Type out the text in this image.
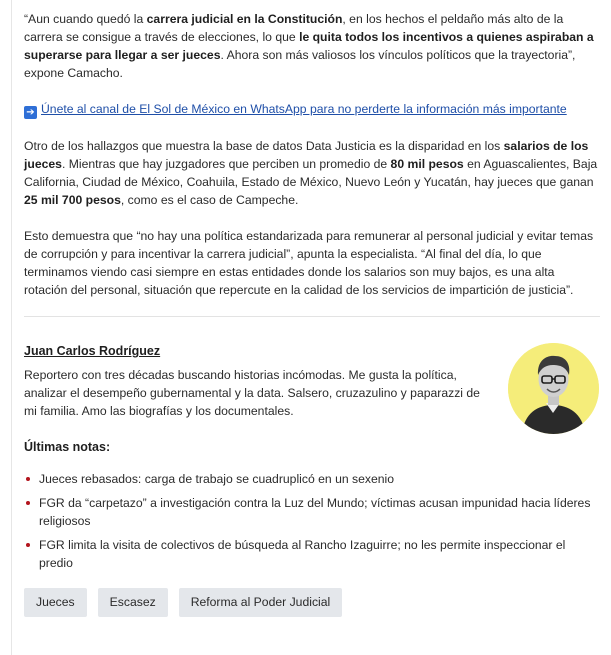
“Aun cuando quedó la carrera judicial en la Constitución, en los hechos el peldaño más alto de la carrera se consigue a través de elecciones, lo que le quita todos los incentivos a quienes aspiraban a superarse para llegar a ser jueces. Ahora son más valiosos los vínculos políticos que la trayectoria”, expone Camacho.

➔ Únete al canal de El Sol de México en WhatsApp para no perderte la información más importante

Otro de los hallazgos que muestra la base de datos Data Justicia es la disparidad en los salarios de los jueces. Mientras que hay juzgadores que perciben un promedio de 80 mil pesos en Aguascalientes, Baja California, Ciudad de México, Coahuila, Estado de México, Nuevo León y Yucatán, hay jueces que ganan 25 mil 700 pesos, como es el caso de Campeche.

Esto demuestra que “no hay una política estandarizada para remunerar al personal judicial y evitar temas de corrupción y para incentivar la carrera judicial”, apunta la especialista. “Al final del día, lo que terminamos viendo casi siempre en estas entidades donde los salarios son muy bajos, es una alta rotación del personal, situación que repercute en la calidad de los servicios de impartición de justicia”.

Juan Carlos Rodríguez

Reportero con tres décadas buscando historias incómodas. Me gusta la política, analizar el desempeño gubernamental y la data. Salsero, cruzazulino y paparazzi de mi familia. Amo las biografías y los documentales.

Últimas notas:
Jueces rebasados: carga de trabajo se cuadruplicó en un sexenio
FGR da “carpetazo” a investigación contra la Luz del Mundo; víctimas acusan impunidad hacia líderes religiosos
FGR limita la visita de colectivos de búsqueda al Rancho Izaguirre; no les permite inspeccionar el predio
Jueces	Escasez	Reforma al Poder Judicial
